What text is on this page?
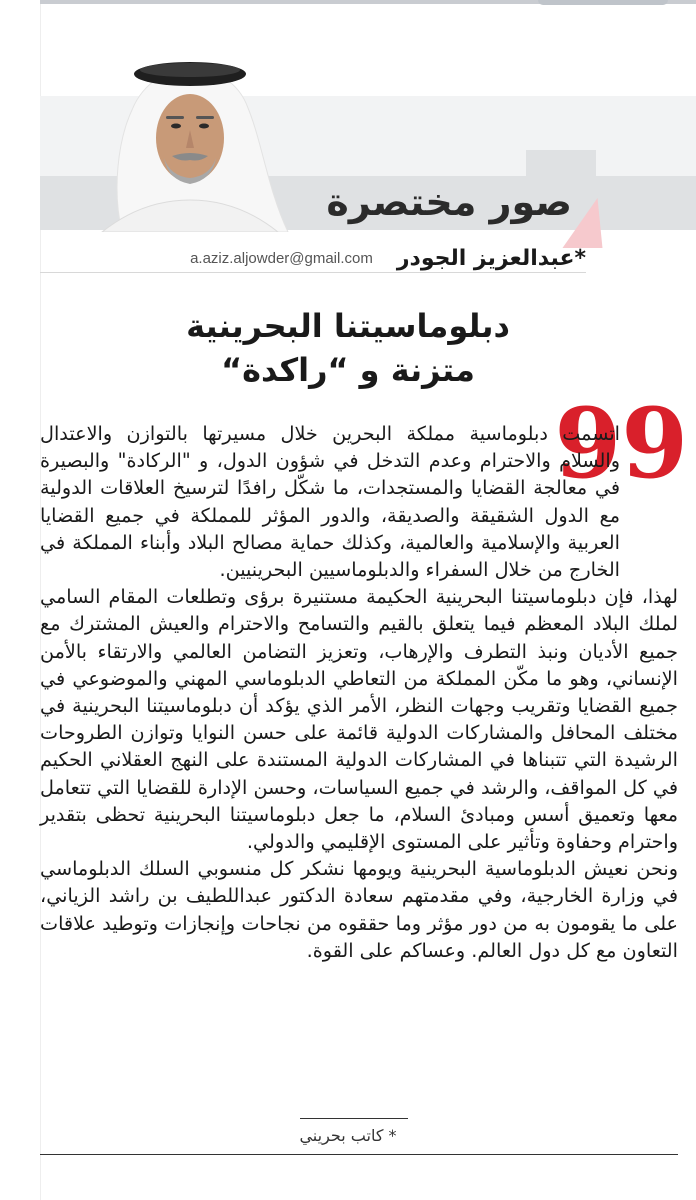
صور مختصرة
*عبدالعزيز الجودر
a.aziz.aljowder@gmail.com
دبلوماسيتنا البحرينية
متزنة و “راكدة“
99

اتسمت دبلوماسية مملكة البحرين خلال مسيرتها بالتوازن والاعتدال والسلام والاحترام وعدم التدخل في شؤون الدول، و "الركادة" والبصيرة في معالجة القضايا والمستجدات، ما شكّل رافدًا لترسيخ العلاقات الدولية مع الدول الشقيقة والصديقة، والدور المؤثر للمملكة في جميع القضايا العربية والإسلامية والعالمية، وكذلك حماية مصالح البلاد وأبناء المملكة في الخارج من خلال السفراء والدبلوماسيين البحرينيين.

لهذا، فإن دبلوماسيتنا البحرينية الحكيمة مستنيرة برؤى وتطلعات المقام السامي لملك البلاد المعظم فيما يتعلق بالقيم والتسامح والاحترام والعيش المشترك مع جميع الأديان ونبذ التطرف والإرهاب، وتعزيز التضامن العالمي والارتقاء بالأمن الإنساني، وهو ما مكّن المملكة من التعاطي الدبلوماسي المهني والموضوعي في جميع القضايا وتقريب وجهات النظر، الأمر الذي يؤكد أن دبلوماسيتنا البحرينية في مختلف المحافل والمشاركات الدولية قائمة على حسن النوايا وتوازن الطروحات الرشيدة التي تتبناها في المشاركات الدولية المستندة على النهج العقلاني الحكيم في كل المواقف، والرشد في جميع السياسات، وحسن الإدارة للقضايا التي تتعامل معها وتعميق أسس ومبادئ السلام، ما جعل دبلوماسيتنا البحرينية تحظى بتقدير واحترام وحفاوة وتأثير على المستوى الإقليمي والدولي.

ونحن نعيش الدبلوماسية البحرينية ويومها نشكر كل منسوبي السلك الدبلوماسي في وزارة الخارجية، وفي مقدمتهم سعادة الدكتور عبداللطيف بن راشد الزياني، على ما يقومون به من دور مؤثر وما حققوه من نجاحات وإنجازات وتوطيد علاقات التعاون مع كل دول العالم. وعساكم على القوة.

* كاتب بحريني
